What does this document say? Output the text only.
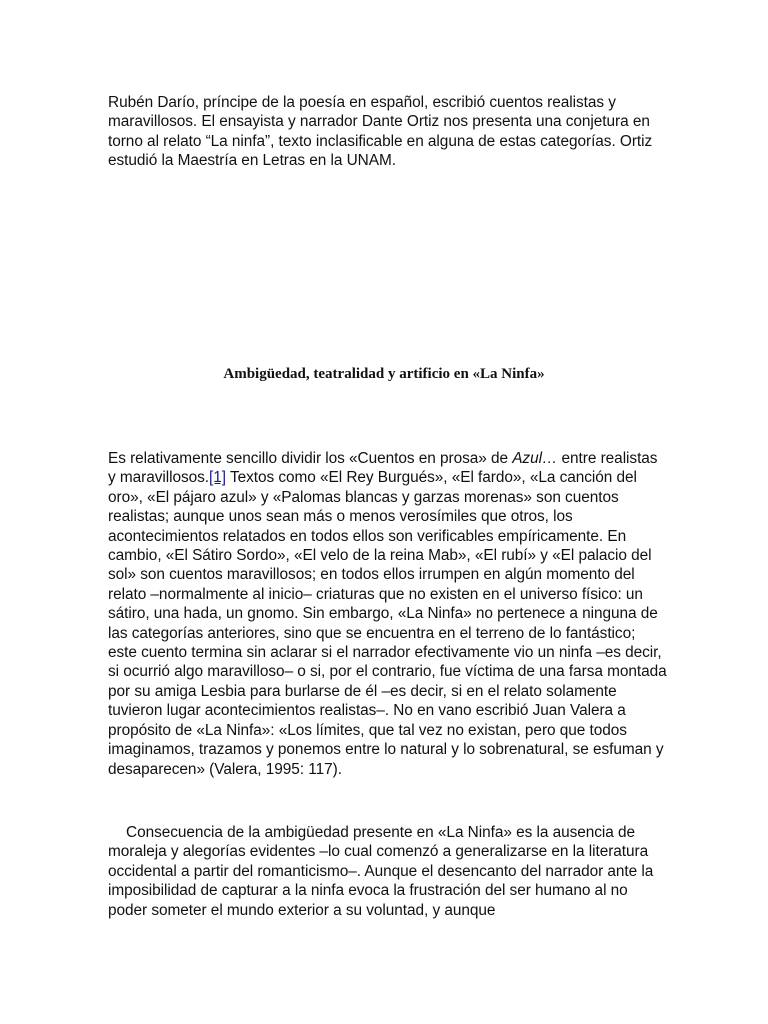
Rubén Darío, príncipe de la poesía en español, escribió cuentos realistas y maravillosos. El ensayista y narrador Dante Ortiz nos presenta una conjetura en torno al relato “La ninfa”, texto inclasificable en alguna de estas categorías. Ortiz estudió la Maestría en Letras en la UNAM.

Ambigüedad, teatralidad y artificio en «La Ninfa»

Es relativamente sencillo dividir los «Cuentos en prosa» de Azul… entre realistas y maravillosos.[1] Textos como «El Rey Burgués», «El fardo», «La canción del oro», «El pájaro azul» y «Palomas blancas y garzas morenas» son cuentos realistas; aunque unos sean más o menos verosímiles que otros, los acontecimientos relatados en todos ellos son verificables empíricamente. En cambio, «El Sátiro Sordo», «El velo de la reina Mab», «El rubí» y «El palacio del sol» son cuentos maravillosos; en todos ellos irrumpen en algún momento del relato –normalmente al inicio– criaturas que no existen en el universo físico: un sátiro, una hada, un gnomo. Sin embargo, «La Ninfa» no pertenece a ninguna de las categorías anteriores, sino que se encuentra en el terreno de lo fantástico; este cuento termina sin aclarar si el narrador efectivamente vio un ninfa –es decir, si ocurrió algo maravilloso– o si, por el contrario, fue víctima de una farsa montada por su amiga Lesbia para burlarse de él –es decir, si en el relato solamente tuvieron lugar acontecimientos realistas–. No en vano escribió Juan Valera a propósito de «La Ninfa»: «Los límites, que tal vez no existan, pero que todos imaginamos, trazamos y ponemos entre lo natural y lo sobrenatural, se esfuman y desaparecen» (Valera, 1995: 117).

Consecuencia de la ambigüedad presente en «La Ninfa» es la ausencia de moraleja y alegorías evidentes –lo cual comenzó a generalizarse en la literatura occidental a partir del romanticismo–. Aunque el desencanto del narrador ante la imposibilidad de capturar a la ninfa evoca la frustración del ser humano al no poder someter el mundo exterior a su voluntad, y aunque
